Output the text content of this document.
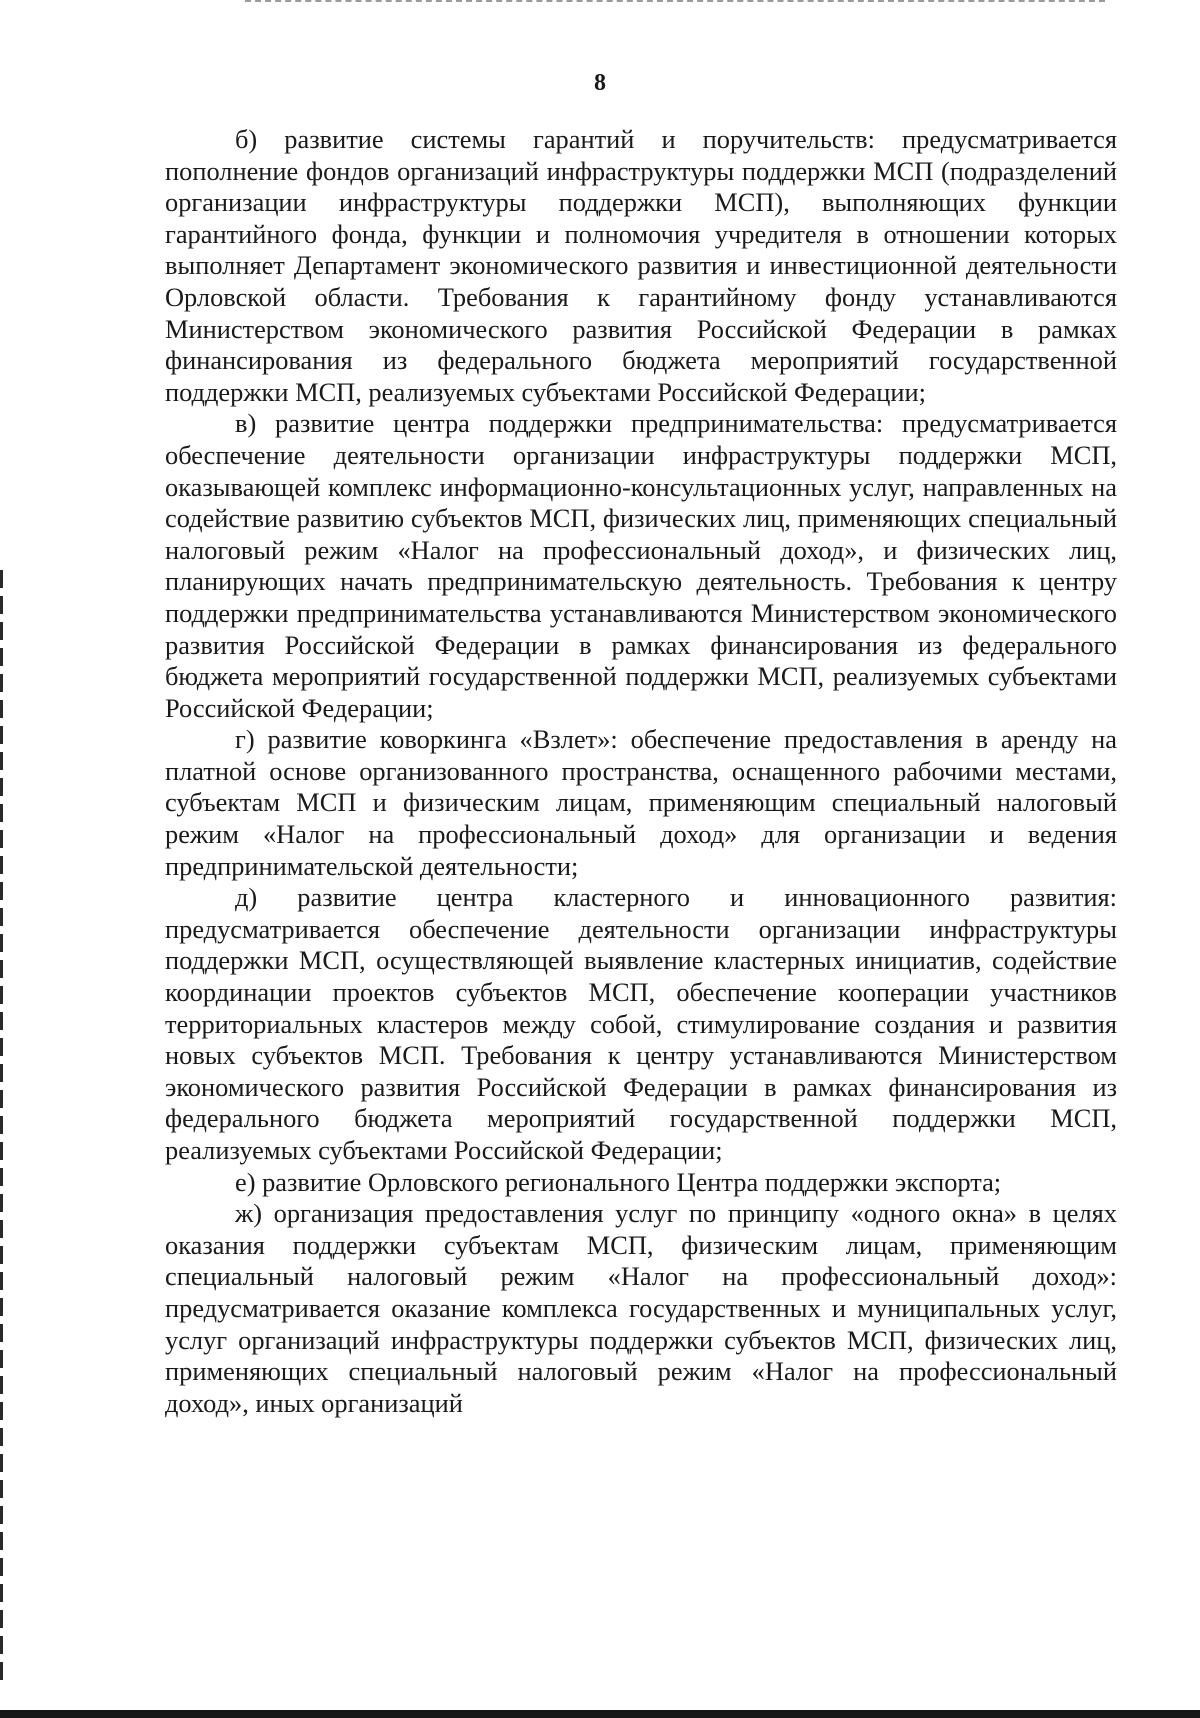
8

б) развитие системы гарантий и поручительств: предусматривается пополнение фондов организаций инфраструктуры поддержки МСП (подразделений организации инфраструктуры поддержки МСП), выполняющих функции гарантийного фонда, функции и полномочия учредителя в отношении которых выполняет Департамент экономического развития и инвестиционной деятельности Орловской области. Требования к гарантийному фонду устанавливаются Министерством экономического развития Российской Федерации в рамках финансирования из федерального бюджета мероприятий государственной поддержки МСП, реализуемых субъектами Российской Федерации;

в) развитие центра поддержки предпринимательства: предусматривается обеспечение деятельности организации инфраструктуры поддержки МСП, оказывающей комплекс информационно-консультационных услуг, направленных на содействие развитию субъектов МСП, физических лиц, применяющих специальный налоговый режим «Налог на профессиональный доход», и физических лиц, планирующих начать предпринимательскую деятельность. Требования к центру поддержки предпринимательства устанавливаются Министерством экономического развития Российской Федерации в рамках финансирования из федерального бюджета мероприятий государственной поддержки МСП, реализуемых субъектами Российской Федерации;

г) развитие коворкинга «Взлет»: обеспечение предоставления в аренду на платной основе организованного пространства, оснащенного рабочими местами, субъектам МСП и физическим лицам, применяющим специальный налоговый режим «Налог на профессиональный доход» для организации и ведения предпринимательской деятельности;

д) развитие центра кластерного и инновационного развития: предусматривается обеспечение деятельности организации инфраструктуры поддержки МСП, осуществляющей выявление кластерных инициатив, содействие координации проектов субъектов МСП, обеспечение кооперации участников территориальных кластеров между собой, стимулирование создания и развития новых субъектов МСП. Требования к центру устанавливаются Министерством экономического развития Российской Федерации в рамках финансирования из федерального бюджета мероприятий государственной поддержки МСП, реализуемых субъектами Российской Федерации;

е) развитие Орловского регионального Центра поддержки экспорта;

ж) организация предоставления услуг по принципу «одного окна» в целях оказания поддержки субъектам МСП, физическим лицам, применяющим специальный налоговый режим «Налог на профессиональный доход»: предусматривается оказание комплекса государственных и муниципальных услуг, услуг организаций инфраструктуры поддержки субъектов МСП, физических лиц, применяющих специальный налоговый режим «Налог на профессиональный доход», иных организаций
